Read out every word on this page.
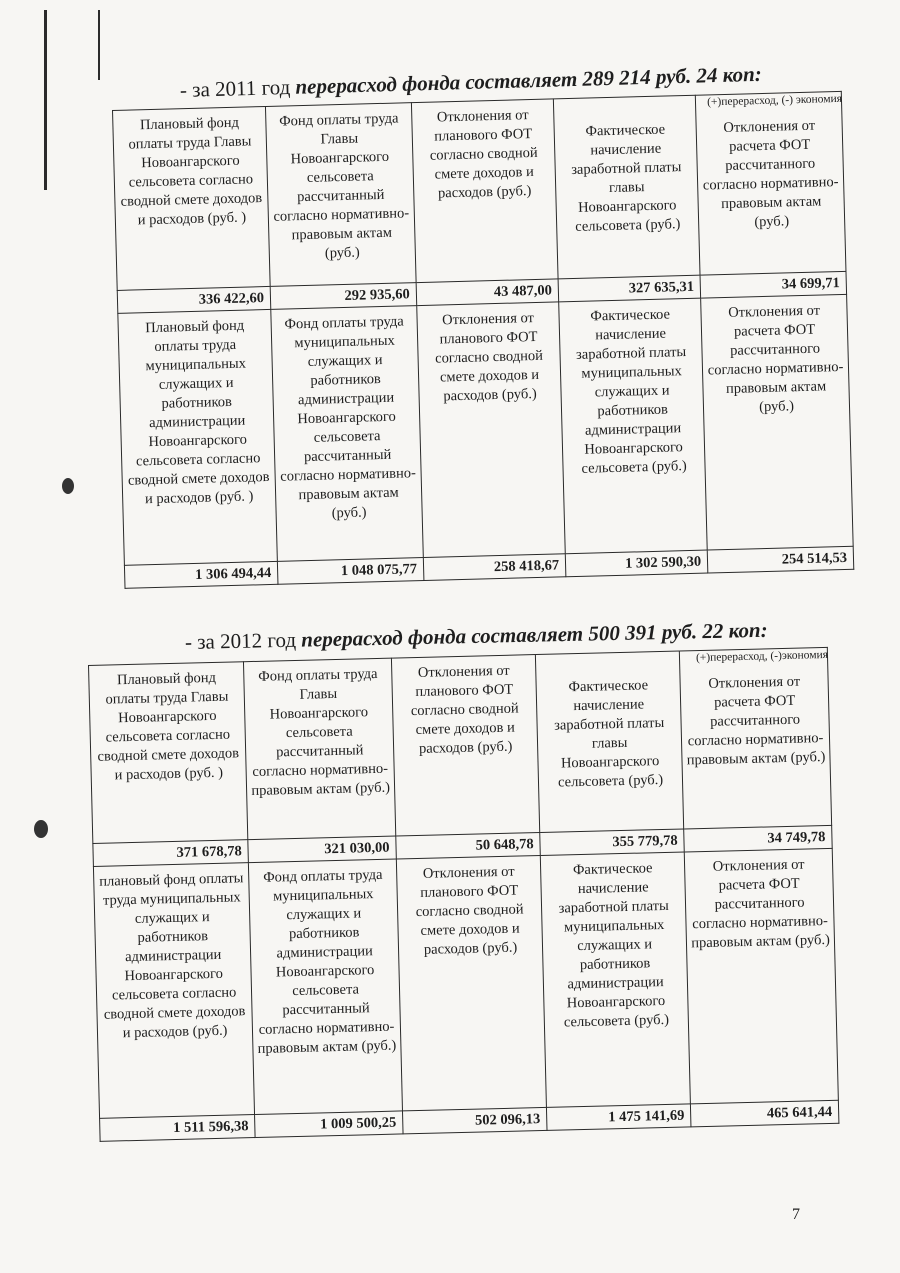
- за 2011 год перерасход фонда составляет 289 214 руб. 24 коп:
(+)перерасход, (-) экономия
Плановый фонд оплаты труда Главы Новоангарского сельсовета согласно сводной смете доходов и расходов (руб. )	Фонд оплаты труда Главы Новоангарского сельсовета рассчитанный согласно нормативно-правовым актам (руб.)	Отклонения от планового ФОТ согласно сводной смете доходов и расходов (руб.)	Фактическое начисление заработной платы главы Новоангарского сельсовета (руб.)	Отклонения от расчета ФОТ рассчитанного согласно нормативно-правовым актам (руб.)
336 422,60	292 935,60	43 487,00	327 635,31	34 699,71
Плановый фонд оплаты труда муниципальных служащих и работников администрации Новоангарского сельсовета согласно сводной смете доходов и расходов (руб. )	Фонд оплаты труда муниципальных служащих и работников администрации Новоангарского сельсовета рассчитанный согласно нормативно-правовым актам (руб.)	Отклонения от планового ФОТ согласно сводной смете доходов и расходов (руб.)	Фактическое начисление заработной платы муниципальных служащих и работников администрации Новоангарского сельсовета (руб.)	Отклонения от расчета ФОТ рассчитанного согласно нормативно-правовым актам (руб.)
1 306 494,44	1 048 075,77	258 418,67	1 302 590,30	254 514,53
- за 2012 год перерасход фонда составляет 500 391 руб. 22 коп:
(+)перерасход, (-)экономия
Плановый фонд оплаты труда Главы Новоангарского сельсовета согласно сводной смете доходов и расходов (руб. )	Фонд оплаты труда Главы Новоангарского сельсовета рассчитанный согласно нормативно-правовым актам (руб.)	Отклонения от планового ФОТ согласно сводной смете доходов и расходов (руб.)	Фактическое начисление заработной платы главы Новоангарского сельсовета (руб.)	Отклонения от расчета ФОТ рассчитанного согласно нормативно-правовым актам (руб.)
371 678,78	321 030,00	50 648,78	355 779,78	34 749,78
плановый фонд оплаты труда муниципальных служащих и работников администрации Новоангарского сельсовета согласно сводной смете доходов и расходов (руб.)	Фонд оплаты труда муниципальных служащих и работников администрации Новоангарского сельсовета рассчитанный согласно нормативно-правовым актам (руб.)	Отклонения от планового ФОТ согласно сводной смете доходов и расходов (руб.)	Фактическое начисление заработной платы муниципальных служащих и работников администрации Новоангарского сельсовета (руб.)	Отклонения от расчета ФОТ рассчитанного согласно нормативно-правовым актам (руб.)
1 511 596,38	1 009 500,25	502 096,13	1 475 141,69	465 641,44
7
